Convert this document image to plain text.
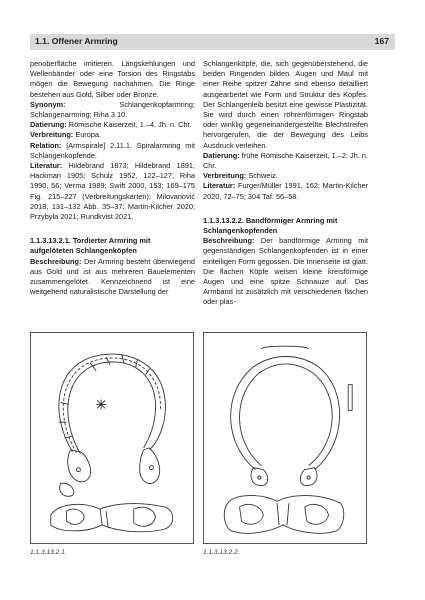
1.1. Offener Armring	167

penoberfläche imitieren. Längskehlungen und Wellenbänder oder eine Torsion des Ringstabs mögen die Bewegung nachahmen. Die Ringe bestehen aus Gold, Silber oder Bronze.

Synonym:	Schlangenkopfarmring; Schlangenarmring; Riha 3.10.

Datierung: Römische Kaiserzeit, 1.–4. Jh. n. Chr.

Verbreitung: Europa.

Relation: [Armspirale] 2.11.1. Spiralarmring mit Schlangenkopfende.

Literatur: Hildebrand 1873; Hildebrand 1891; Hackman 1905; Schulz 1952, 122–127; Riha 1990, 56; Verma 1989; Swift 2000, 153; 169–175 Fig. 215–227 (Verbreitungskarten); Milovanović 2018, 131–132 Abb. 35–37; Martin-Kilcher 2020; Przybyła 2021; Rundkvist 2021.

1.1.3.13.2.1. Tordierter Armring mit aufgelöteten Schlangenköpfen

Beschreibung: Der Armring besteht überwiegend aus Gold und ist aus mehreren Bauelementen zusammengelötet. Kennzeichnend ist eine weitgehend naturalistische Darstellung der

Schlangenköpfe, die, sich gegenüberstehend, die beiden Ringenden bilden. Augen und Maul mit einer Reihe spitzer Zähne sind ebenso detailliert ausgearbeitet wie Form und Struktur des Kopfes. Der Schlangenleib besitzt eine gewisse Plastizität. Sie wird durch einen röhrenförmigen Ringstab oder winklig gegeneinandergestellte Blechstreifen hervorgerufen, die der Bewegung des Leibs Ausdruck verleihen.

Datierung: frühe Römische Kaiserzeit, 1.–2. Jh. n. Chr.

Verbreitung: Schweiz.

Literatur: Furger/Müller 1991, 162; Martin-Kilcher 2020, 72–75; 304 Taf. 56–58.

1.1.3.13.2.2. Bandförmiger Armring mit Schlangenkopfenden

Beschreibung: Der bandförmige Armring mit gegenständigen Schlangenkopfenden ist in einer einteiligen Form gegossen. Die Innenseite ist glatt. Die flachen Köpfe weisen kleine kreisförmige Augen und eine spitze Schnauze auf. Das Armband ist zusätzlich mit verschiedenen flachen oder plas-

1.1.3.13.2.1.	1.1.3.13.2.2.
